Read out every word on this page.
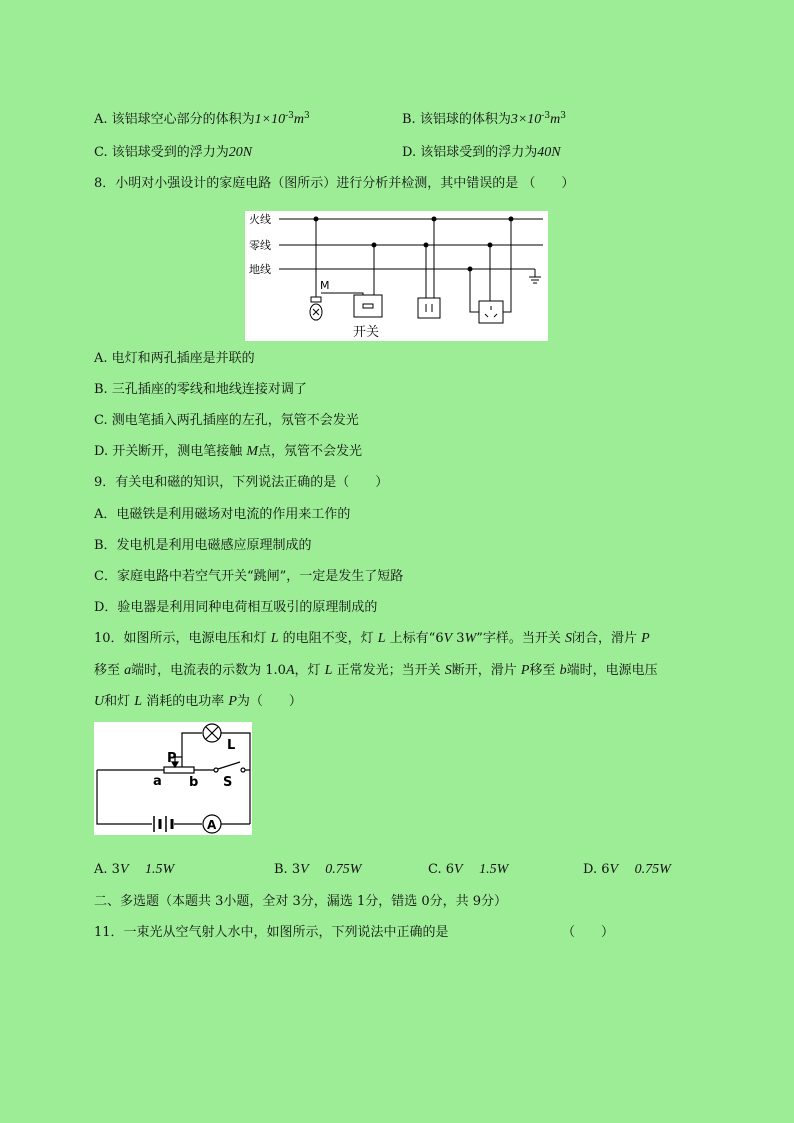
A. 该铝球空心部分的体积为$1\times 10^{-3}m^3$	B. 该铝球的体积为$3\times 10^{-3}m^3$
C. 该铝球受到的浮力为20N	D. 该铝球受到的浮力为40N
8．小明对小强设计的家庭电路（图所示）进行分析并检测，其中错误的是 （　　）
火线
零线
地线
M
开关
A. 电灯和两孔插座是并联的
B. 三孔插座的零线和地线连接对调了
C. 测电笔插入两孔插座的左孔，氖管不会发光
D. 开关断开，测电笔接触 M点，氖管不会发光
9．有关电和磁的知识，下列说法正确的是（　　）
A．电磁铁是利用磁场对电流的作用来工作的
B．发电机是利用电磁感应原理制成的
C．家庭电路中若空气开关“跳闸”，一定是发生了短路
D．验电器是利用同种电荷相互吸引的原理制成的
10．如图所示，电源电压和灯 L 的电阻不变，灯 L 上标有“6V 3W”字样。当开关 S闭合，滑片 P
移至 a端时，电流表的示数为 1.0A，灯 L 正常发光；当开关 S断开，滑片 P移至 b端时，电源电压
U和灯 L 消耗的电功率 P为（　　）
P
L
a b S
A
A. 3V 1.5W	B. 3V 0.75W	C. 6V 1.5W	D. 6V 0.75W
二、多选题（本题共 3小题，全对 3分，漏选 1分，错选 0分，共 9分）
11．一束光从空气射人水中，如图所示，下列说法中正确的是	（　　）
